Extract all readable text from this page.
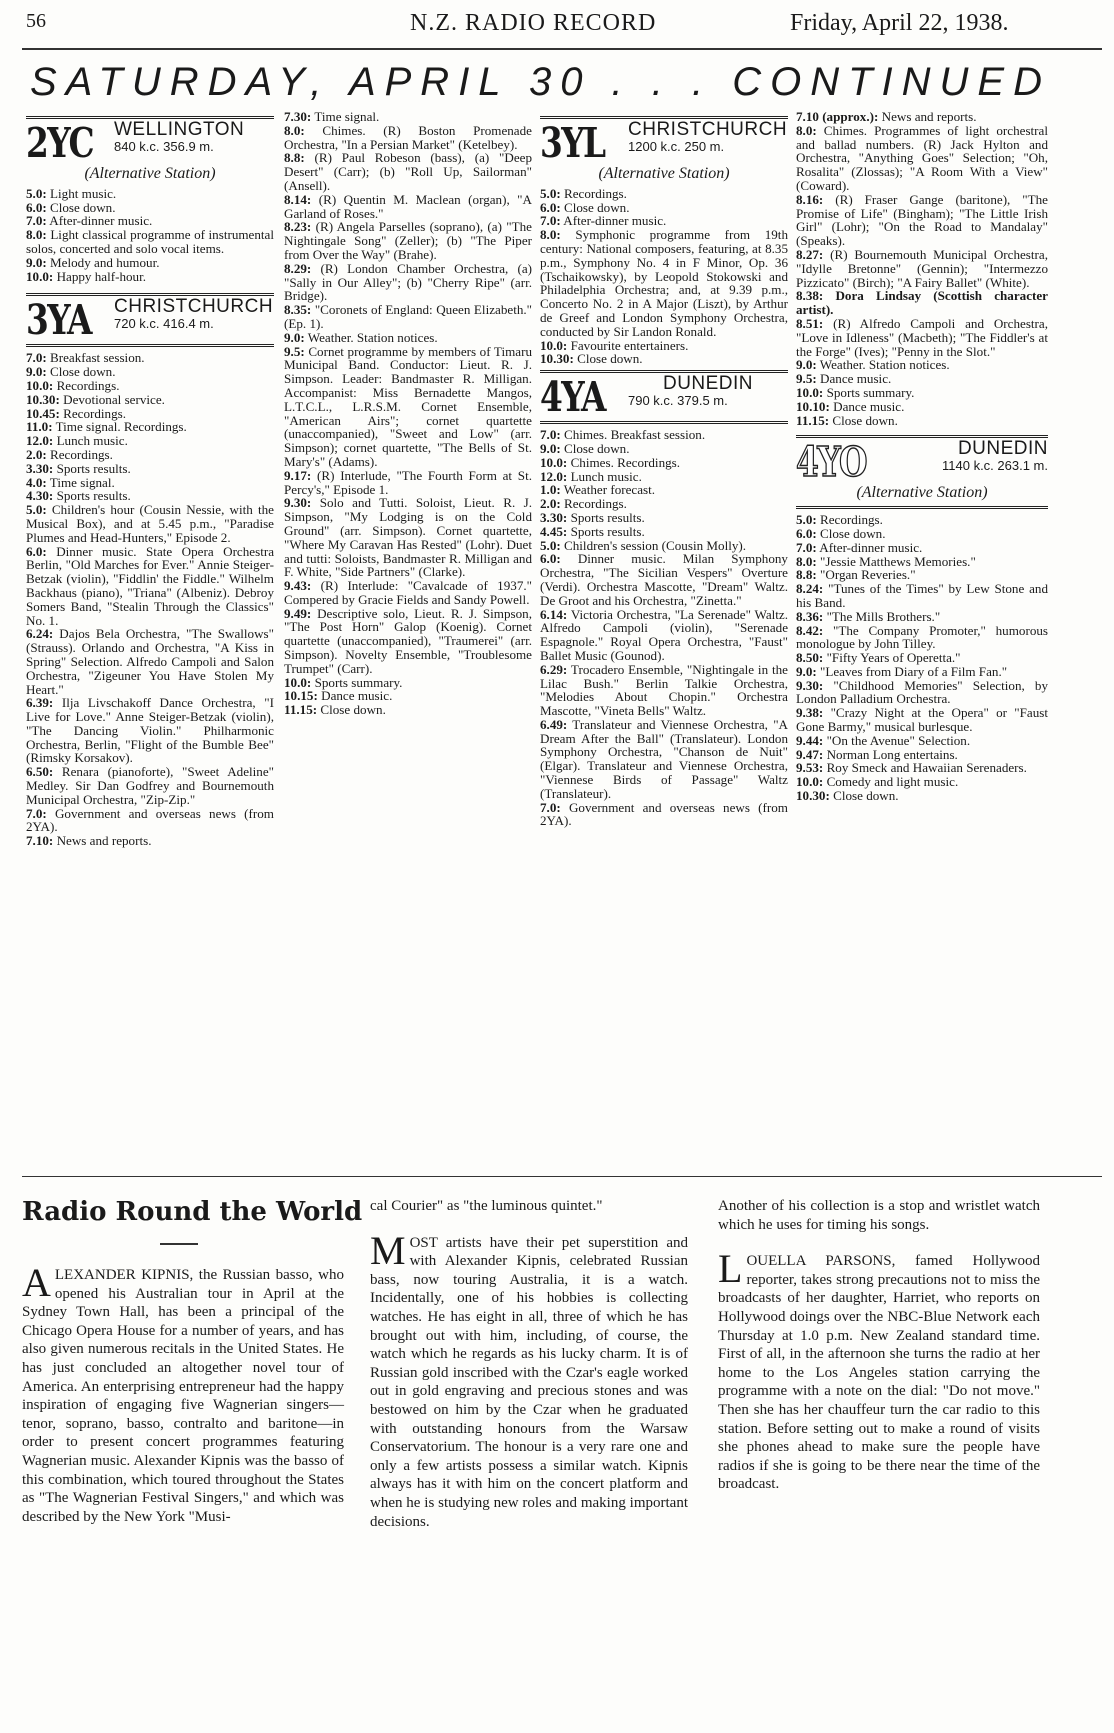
56	N.Z. RADIO RECORD	Friday, April 22, 1938.
SATURDAY, APRIL 30 . . . CONTINUED
2YC WELLINGTON
840 k.c. 356.9 m.
(Alternative Station)
5.0: Light music.
6.0: Close down.
7.0: After-dinner music.
8.0: Light classical programme of instrumental solos, concerted and solo vocal items.
9.0: Melody and humour.
10.0: Happy half-hour.
3YA CHRISTCHURCH
720 k.c. 416.4 m.
7.0: Breakfast session.
9.0: Close down.
10.0: Recordings.
10.30: Devotional service.
10.45: Recordings.
11.0: Time signal. Recordings.
12.0: Lunch music.
2.0: Recordings.
3.30: Sports results.
4.0: Time signal.
4.30: Sports results.
5.0: Children's hour (Cousin Nessie, with the Musical Box), and at 5.45 p.m., "Paradise Plumes and Head-Hunters," Episode 2.
6.0: Dinner music. State Opera Orchestra Berlin, "Old Marches for Ever." Annie Steiger-Betzak (violin), "Fiddlin' the Fiddle." Wilhelm Backhaus (piano), "Triana" (Albeniz). Debroy Somers Band, "Stealin Through the Classics" No. 1.
6.24: Dajos Bela Orchestra, "The Swallows" (Strauss). Orlando and Orchestra, "A Kiss in Spring" Selection. Alfredo Campoli and Salon Orchestra, "Zigeuner You Have Stolen My Heart."
6.39: Ilja Livschakoff Dance Orchestra, "I Live for Love." Anne Steiger-Betzak (violin), "The Dancing Violin." Philharmonic Orchestra, Berlin, "Flight of the Bumble Bee" (Rimsky Korsakov).
6.50: Renara (pianoforte), "Sweet Adeline" Medley. Sir Dan Godfrey and Bournemouth Municipal Orchestra, "Zip-Zip."
7.0: Government and overseas news (from 2YA).
7.10: News and reports.
7.30: Time signal.
8.0: Chimes. (R) Boston Promenade Orchestra, "In a Persian Market" (Ketelbey).
8.8: (R) Paul Robeson (bass), (a) "Deep Desert" (Carr); (b) "Roll Up, Sailorman" (Ansell).
8.14: (R) Quentin M. Maclean (organ), "A Garland of Roses."
8.23: (R) Angela Parselles (soprano), (a) "The Nightingale Song" (Zeller); (b) "The Piper from Over the Way" (Brahe).
8.29: (R) London Chamber Orchestra, (a) "Sally in Our Alley"; (b) "Cherry Ripe" (arr. Bridge).
8.35: "Coronets of England: Queen Elizabeth." (Ep. 1).
9.0: Weather. Station notices.
9.5: Cornet programme by members of Timaru Municipal Band. Conductor: Lieut. R. J. Simpson. Leader: Bandmaster R. Milligan. Accompanist: Miss Bernadette Mangos, L.T.C.L., L.R.S.M. Cornet Ensemble, "American Airs"; cornet quartette (unaccompanied), "Sweet and Low" (arr. Simpson); cornet quartette, "The Bells of St. Mary's" (Adams).
9.17: (R) Interlude, "The Fourth Form at St. Percy's," Episode 1.
9.30: Solo and Tutti. Soloist, Lieut. R. J. Simpson, "My Lodging is on the Cold Ground" (arr. Simpson). Cornet quartette, "Where My Caravan Has Rested" (Lohr). Duet and tutti: Soloists, Bandmaster R. Milligan and F. White, "Side Partners" (Clarke).
9.43: (R) Interlude: "Cavalcade of 1937." Compered by Gracie Fields and Sandy Powell.
9.49: Descriptive solo, Lieut. R. J. Simpson, "The Post Horn" Galop (Koenig). Cornet quartette (unaccompanied), "Traumerei" (arr. Simpson). Novelty Ensemble, "Troublesome Trumpet" (Carr).
10.0: Sports summary.
10.15: Dance music.
11.15: Close down.
3YL CHRISTCHURCH
1200 k.c. 250 m.
(Alternative Station)
5.0: Recordings.
6.0: Close down.
7.0: After-dinner music.
8.0: Symphonic programme from 19th century: National composers, featuring, at 8.35 p.m., Symphony No. 4 in F Minor, Op. 36 (Tschaikowsky), by Leopold Stokowski and Philadelphia Orchestra; and, at 9.39 p.m., Concerto No. 2 in A Major (Liszt), by Arthur de Greef and London Symphony Orchestra, conducted by Sir Landon Ronald.
10.0: Favourite entertainers.
10.30: Close down.
4YA	DUNEDIN
790 k.c. 379.5 m.
7.0: Chimes. Breakfast session.
9.0: Close down.
10.0: Chimes. Recordings.
12.0: Lunch music.
1.0: Weather forecast.
2.0: Recordings.
3.30: Sports results.
4.45: Sports results.
5.0: Children's session (Cousin Molly).
6.0: Dinner music. Milan Symphony Orchestra, "The Sicilian Vespers" Overture (Verdi). Orchestra Mascotte, "Dream" Waltz. De Groot and his Orchestra, "Zinetta."
6.14: Victoria Orchestra, "La Serenade" Waltz. Alfredo Campoli (violin), "Serenade Espagnole." Royal Opera Orchestra, "Faust" Ballet Music (Gounod).
6.29: Trocadero Ensemble, "Nightingale in the Lilac Bush." Berlin Talkie Orchestra, "Melodies About Chopin." Orchestra Mascotte, "Vineta Bells" Waltz.
6.49: Translateur and Viennese Orchestra, "A Dream After the Ball" (Translateur). London Symphony Orchestra, "Chanson de Nuit" (Elgar). Translateur and Viennese Orchestra, "Viennese Birds of Passage" Waltz (Translateur).
7.0: Government and overseas news (from 2YA).
7.10 (approx.): News and reports.
8.0: Chimes. Programmes of light orchestral and ballad numbers. (R) Jack Hylton and Orchestra, "Anything Goes" Selection; "Oh, Rosalita" (Zlossas); "A Room With a View" (Coward).
8.16: (R) Fraser Gange (baritone), "The Promise of Life" (Bingham); "The Little Irish Girl" (Lohr); "On the Road to Mandalay" (Speaks).
8.27: (R) Bournemouth Municipal Orchestra, "Idylle Bretonne" (Gennin); "Intermezzo Pizzicato" (Birch); "A Fairy Ballet" (White).
8.38: Dora Lindsay (Scottish character artist).
8.51: (R) Alfredo Campoli and Orchestra, "Love in Idleness" (Macbeth); "The Fiddler's at the Forge" (Ives); "Penny in the Slot."
9.0: Weather. Station notices.
9.5: Dance music.
10.0: Sports summary.
10.10: Dance music.
11.15: Close down.
4YO	DUNEDIN
1140 k.c. 263.1 m.
(Alternative Station)
5.0: Recordings.
6.0: Close down.
7.0: After-dinner music.
8.0: "Jessie Matthews Memories."
8.8: "Organ Reveries."
8.24: "Tunes of the Times" by Lew Stone and his Band.
8.36: "The Mills Brothers."
8.42: "The Company Promoter," humorous monologue by John Tilley.
8.50: "Fifty Years of Operetta."
9.0: "Leaves from Diary of a Film Fan."
9.30: "Childhood Memories" Selection, by London Palladium Orchestra.
9.38: "Crazy Night at the Opera" or "Faust Gone Barmy," musical burlesque.
9.44: "On the Avenue" Selection.
9.47: Norman Long entertains.
9.53: Roy Smeck and Hawaiian Serenaders.
10.0: Comedy and light music.
10.30: Close down.
Radio Round the World
ALEXANDER KIPNIS, the Russian basso, who opened his Australian tour in April at the Sydney Town Hall, has been a principal of the Chicago Opera House for a number of years, and has also given numerous recitals in the United States. He has just concluded an altogether novel tour of America. An enterprising entrepreneur had the happy inspiration of engaging five Wagnerian singers—tenor, soprano, basso, contralto and baritone—in order to present concert programmes featuring Wagnerian music. Alexander Kipnis was the basso of this combination, which toured throughout the States as "The Wagnerian Festival Singers," and which was described by the New York "Musi-
cal Courier" as "the luminous quintet."
MOST artists have their pet superstition and with Alexander Kipnis, celebrated Russian bass, now touring Australia, it is a watch. Incidentally, one of his hobbies is collecting watches. He has eight in all, three of which he has brought out with him, including, of course, the watch which he regards as his lucky charm. It is of Russian gold inscribed with the Czar's eagle worked out in gold engraving and precious stones and was bestowed on him by the Czar when he graduated with outstanding honours from the Warsaw Conservatorium. The honour is a very rare one and only a few artists possess a similar watch. Kipnis always has it with him on the concert platform and when he is studying new roles and making important decisions.
Another of his collection is a stop and wristlet watch which he uses for timing his songs.
LOUELLA PARSONS, famed Hollywood reporter, takes strong precautions not to miss the broadcasts of her daughter, Harriet, who reports on Hollywood doings over the NBC-Blue Network each Thursday at 1.0 p.m. New Zealand standard time. First of all, in the afternoon she turns the radio at her home to the Los Angeles station carrying the programme with a note on the dial: "Do not move." Then she has her chauffeur turn the car radio to this station. Before setting out to make a round of visits she phones ahead to make sure the people have radios if she is going to be there near the time of the broadcast.
